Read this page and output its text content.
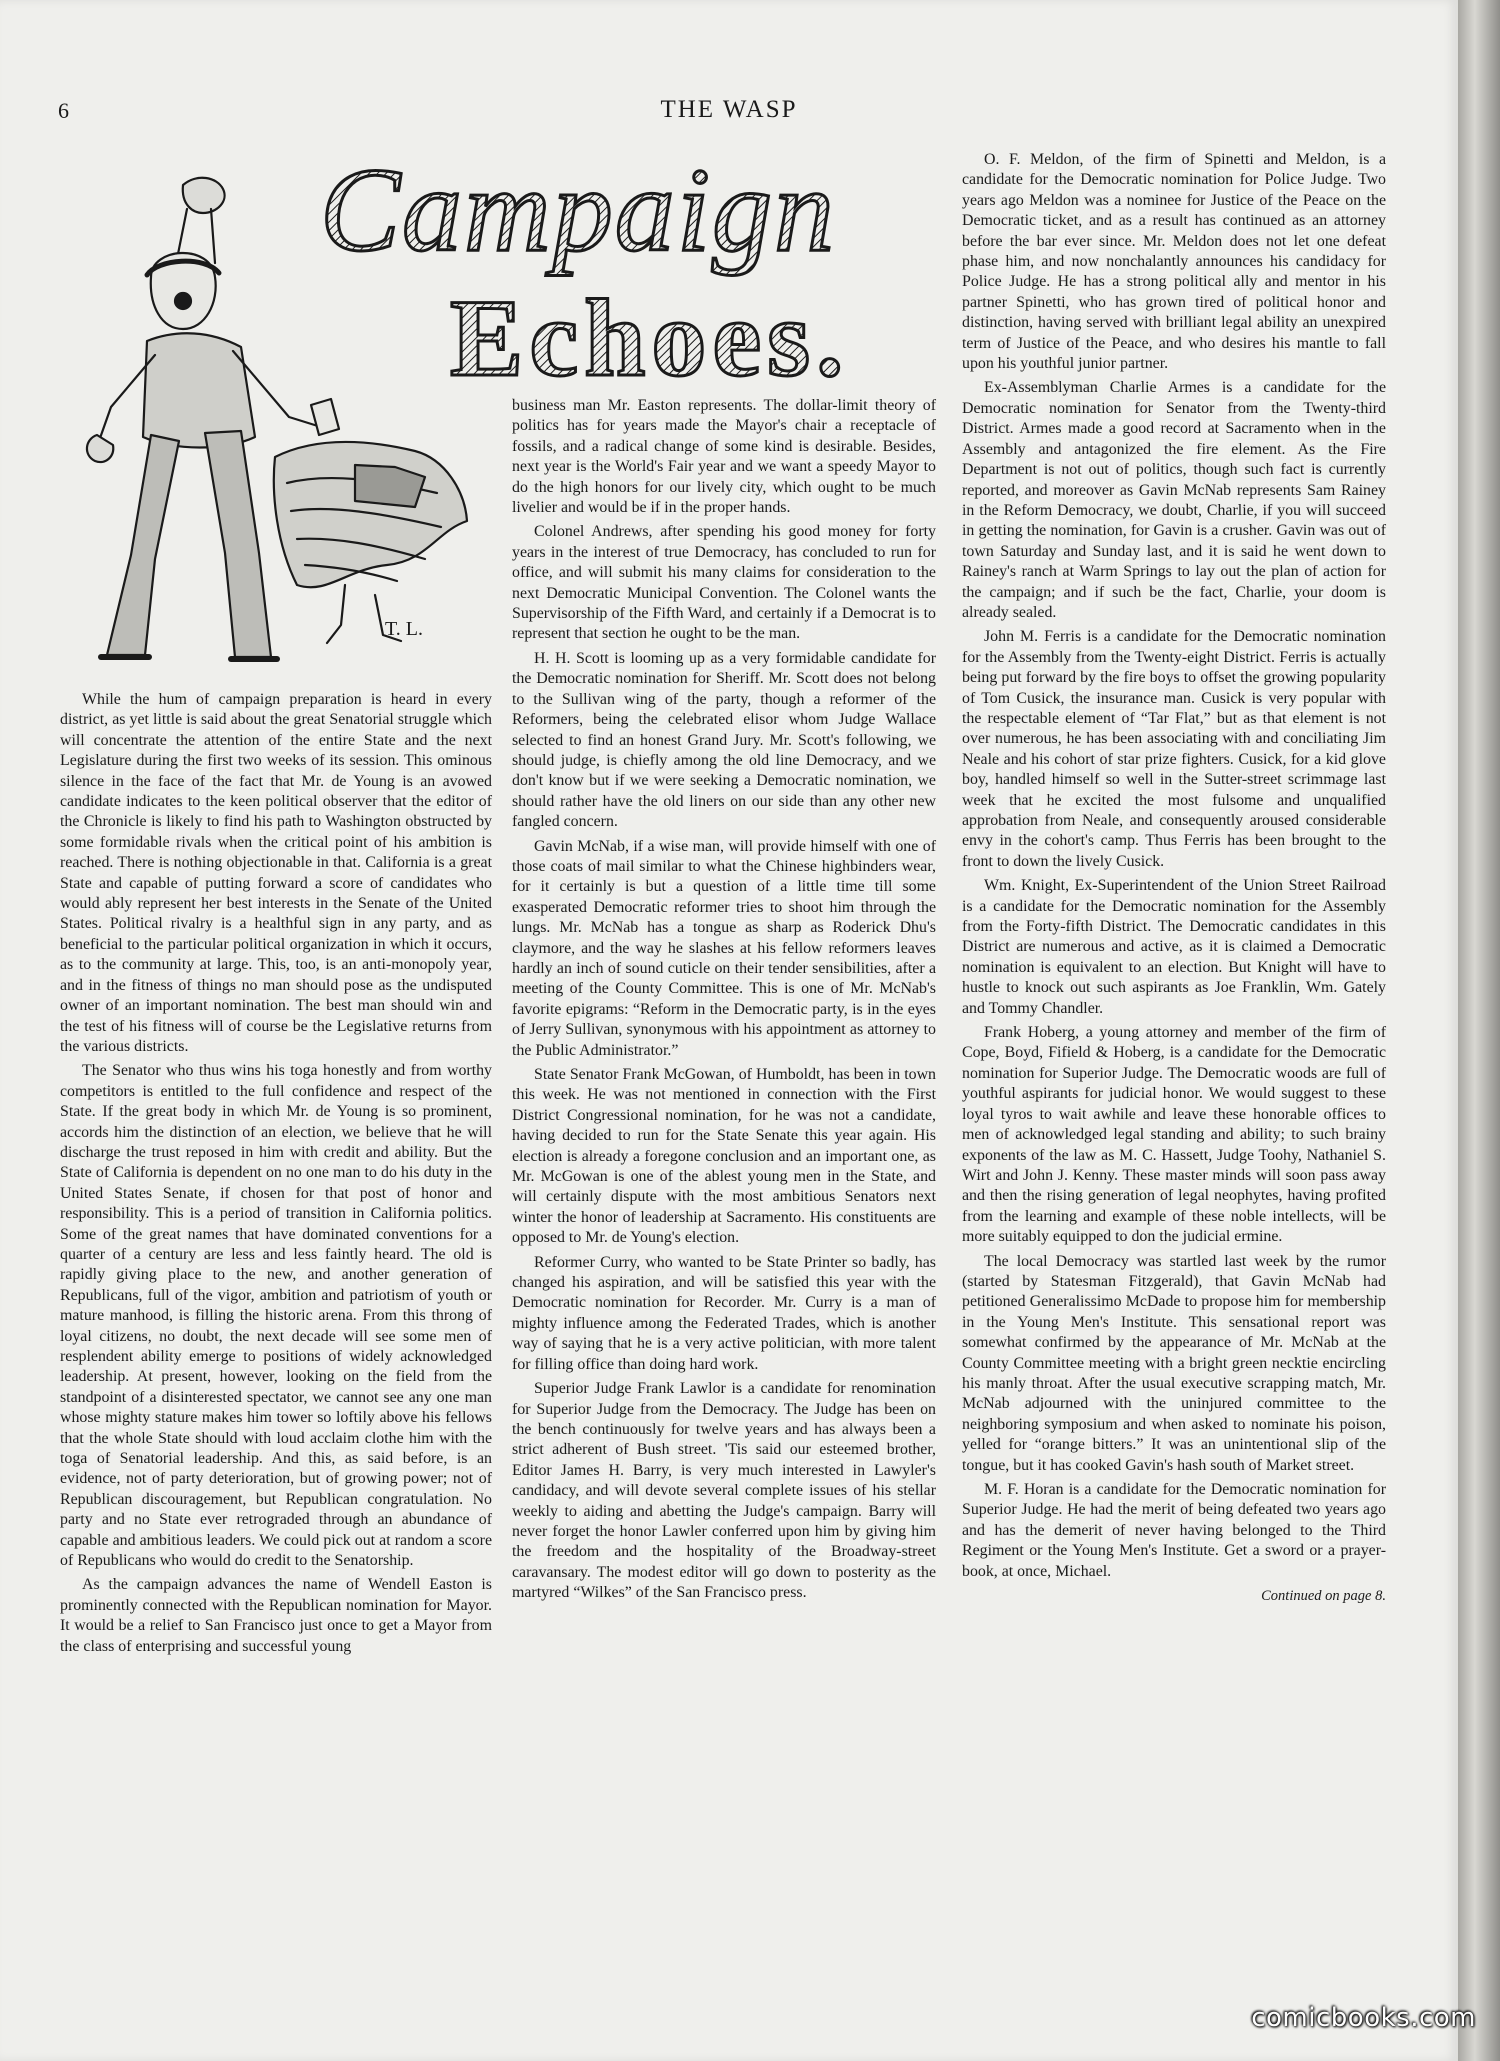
6	THE WASP
T. L.
Campaign
Echoes.

While the hum of campaign preparation is heard in every district, as yet little is said about the great Senatorial struggle which will concentrate the attention of the entire State and the next Legislature during the first two weeks of its session. This ominous silence in the face of the fact that Mr. de Young is an avowed candidate indicates to the keen political observer that the editor of the Chronicle is likely to find his path to Washington obstructed by some formidable rivals when the critical point of his ambition is reached. There is nothing objectionable in that. California is a great State and capable of putting forward a score of candidates who would ably represent her best interests in the Senate of the United States. Political rivalry is a healthful sign in any party, and as beneficial to the particular political organization in which it occurs, as to the community at large. This, too, is an anti-monopoly year, and in the fitness of things no man should pose as the undisputed owner of an important nomination. The best man should win and the test of his fitness will of course be the Legislative returns from the various districts.

The Senator who thus wins his toga honestly and from worthy competitors is entitled to the full confidence and respect of the State. If the great body in which Mr. de Young is so prominent, accords him the distinction of an election, we believe that he will discharge the trust reposed in him with credit and ability. But the State of California is dependent on no one man to do his duty in the United States Senate, if chosen for that post of honor and responsibility. This is a period of transition in California politics. Some of the great names that have dominated conventions for a quarter of a century are less and less faintly heard. The old is rapidly giving place to the new, and another generation of Republicans, full of the vigor, ambition and patriotism of youth or mature manhood, is filling the historic arena. From this throng of loyal citizens, no doubt, the next decade will see some men of resplendent ability emerge to positions of widely acknowledged leadership. At present, however, looking on the field from the standpoint of a disinterested spectator, we cannot see any one man whose mighty stature makes him tower so loftily above his fellows that the whole State should with loud acclaim clothe him with the toga of Senatorial leadership. And this, as said before, is an evidence, not of party deterioration, but of growing power; not of Republican discouragement, but Republican congratulation. No party and no State ever retrograded through an abundance of capable and ambitious leaders. We could pick out at random a score of Republicans who would do credit to the Senatorship.

As the campaign advances the name of Wendell Easton is prominently connected with the Republican nomination for Mayor. It would be a relief to San Francisco just once to get a Mayor from the class of enterprising and successful young

business man Mr. Easton represents. The dollar-limit theory of politics has for years made the Mayor's chair a receptacle of fossils, and a radical change of some kind is desirable. Besides, next year is the World's Fair year and we want a speedy Mayor to do the high honors for our lively city, which ought to be much livelier and would be if in the proper hands.

Colonel Andrews, after spending his good money for forty years in the interest of true Democracy, has concluded to run for office, and will submit his many claims for consideration to the next Democratic Municipal Convention. The Colonel wants the Supervisorship of the Fifth Ward, and certainly if a Democrat is to represent that section he ought to be the man.

H. H. Scott is looming up as a very formidable candidate for the Democratic nomination for Sheriff. Mr. Scott does not belong to the Sullivan wing of the party, though a reformer of the Reformers, being the celebrated elisor whom Judge Wallace selected to find an honest Grand Jury. Mr. Scott's following, we should judge, is chiefly among the old line Democracy, and we don't know but if we were seeking a Democratic nomination, we should rather have the old liners on our side than any other new fangled concern.

Gavin McNab, if a wise man, will provide himself with one of those coats of mail similar to what the Chinese highbinders wear, for it certainly is but a question of a little time till some exasperated Democratic reformer tries to shoot him through the lungs. Mr. McNab has a tongue as sharp as Roderick Dhu's claymore, and the way he slashes at his fellow reformers leaves hardly an inch of sound cuticle on their tender sensibilities, after a meeting of the County Committee. This is one of Mr. McNab's favorite epigrams: “Reform in the Democratic party, is in the eyes of Jerry Sullivan, synonymous with his appointment as attorney to the Public Administrator.”

State Senator Frank McGowan, of Humboldt, has been in town this week. He was not mentioned in connection with the First District Congressional nomination, for he was not a candidate, having decided to run for the State Senate this year again. His election is already a foregone conclusion and an important one, as Mr. McGowan is one of the ablest young men in the State, and will certainly dispute with the most ambitious Senators next winter the honor of leadership at Sacramento. His constituents are opposed to Mr. de Young's election.

Reformer Curry, who wanted to be State Printer so badly, has changed his aspiration, and will be satisfied this year with the Democratic nomination for Recorder. Mr. Curry is a man of mighty influence among the Federated Trades, which is another way of saying that he is a very active politician, with more talent for filling office than doing hard work.

Superior Judge Frank Lawlor is a candidate for renomination for Superior Judge from the Democracy. The Judge has been on the bench continuously for twelve years and has always been a strict adherent of Bush street. 'Tis said our esteemed brother, Editor James H. Barry, is very much interested in Lawyler's candidacy, and will devote several complete issues of his stellar weekly to aiding and abetting the Judge's campaign. Barry will never forget the honor Lawler conferred upon him by giving him the freedom and the hospitality of the Broadway-street caravansary. The modest editor will go down to posterity as the martyred “Wilkes” of the San Francisco press.

O. F. Meldon, of the firm of Spinetti and Meldon, is a candidate for the Democratic nomination for Police Judge. Two years ago Meldon was a nominee for Justice of the Peace on the Democratic ticket, and as a result has continued as an attorney before the bar ever since. Mr. Meldon does not let one defeat phase him, and now nonchalantly announces his candidacy for Police Judge. He has a strong political ally and mentor in his partner Spinetti, who has grown tired of political honor and distinction, having served with brilliant legal ability an unexpired term of Justice of the Peace, and who desires his mantle to fall upon his youthful junior partner.

Ex-Assemblyman Charlie Armes is a candidate for the Democratic nomination for Senator from the Twenty-third District. Armes made a good record at Sacramento when in the Assembly and antagonized the fire element. As the Fire Department is not out of politics, though such fact is currently reported, and moreover as Gavin McNab represents Sam Rainey in the Reform Democracy, we doubt, Charlie, if you will succeed in getting the nomination, for Gavin is a crusher. Gavin was out of town Saturday and Sunday last, and it is said he went down to Rainey's ranch at Warm Springs to lay out the plan of action for the campaign; and if such be the fact, Charlie, your doom is already sealed.

John M. Ferris is a candidate for the Democratic nomination for the Assembly from the Twenty-eight District. Ferris is actually being put forward by the fire boys to offset the growing popularity of Tom Cusick, the insurance man. Cusick is very popular with the respectable element of “Tar Flat,” but as that element is not over numerous, he has been associating with and conciliating Jim Neale and his cohort of star prize fighters. Cusick, for a kid glove boy, handled himself so well in the Sutter-street scrimmage last week that he excited the most fulsome and unqualified approbation from Neale, and consequently aroused considerable envy in the cohort's camp. Thus Ferris has been brought to the front to down the lively Cusick.

Wm. Knight, Ex-Superintendent of the Union Street Railroad is a candidate for the Democratic nomination for the Assembly from the Forty-fifth District. The Democratic candidates in this District are numerous and active, as it is claimed a Democratic nomination is equivalent to an election. But Knight will have to hustle to knock out such aspirants as Joe Franklin, Wm. Gately and Tommy Chandler.

Frank Hoberg, a young attorney and member of the firm of Cope, Boyd, Fifield & Hoberg, is a candidate for the Democratic nomination for Superior Judge. The Democratic woods are full of youthful aspirants for judicial honor. We would suggest to these loyal tyros to wait awhile and leave these honorable offices to men of acknowledged legal standing and ability; to such brainy exponents of the law as M. C. Hassett, Judge Toohy, Nathaniel S. Wirt and John J. Kenny. These master minds will soon pass away and then the rising generation of legal neophytes, having profited from the learning and example of these noble intellects, will be more suitably equipped to don the judicial ermine.

The local Democracy was startled last week by the rumor (started by Statesman Fitzgerald), that Gavin McNab had petitioned Generalissimo McDade to propose him for membership in the Young Men's Institute. This sensational report was somewhat confirmed by the appearance of Mr. McNab at the County Committee meeting with a bright green necktie encircling his manly throat. After the usual executive scrapping match, Mr. McNab adjourned with the uninjured committee to the neighboring symposium and when asked to nominate his poison, yelled for “orange bitters.” It was an unintentional slip of the tongue, but it has cooked Gavin's hash south of Market street.

M. F. Horan is a candidate for the Democratic nomination for Superior Judge. He had the merit of being defeated two years ago and has the demerit of never having belonged to the Third Regiment or the Young Men's Institute. Get a sword or a prayer-book, at once, Michael.

Continued on page 8.
comicbooks.com
